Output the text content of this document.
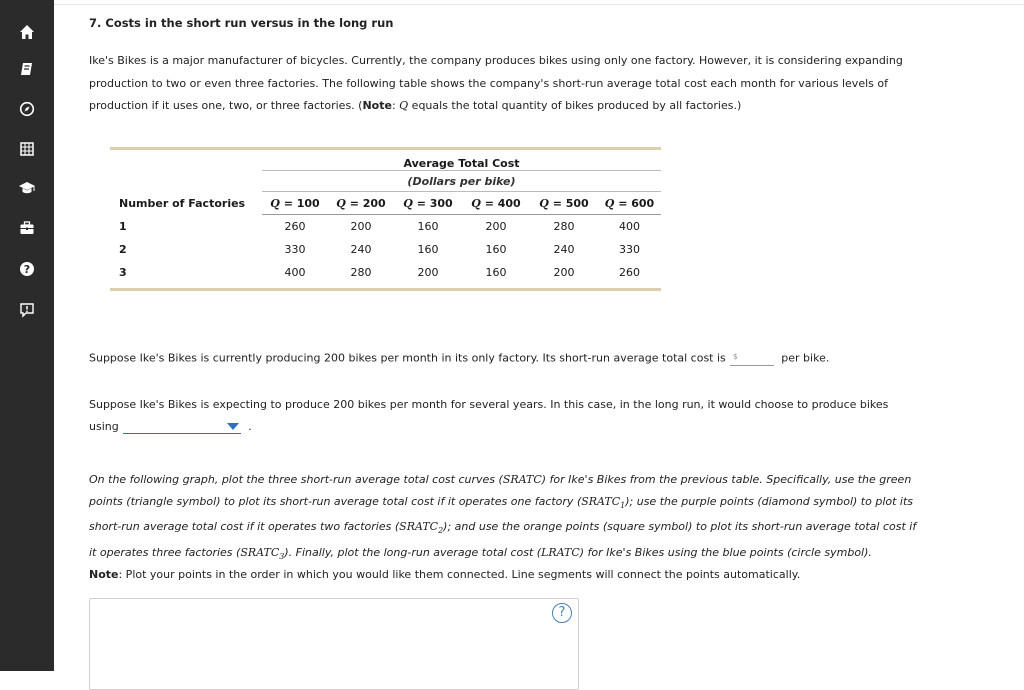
?
7. Costs in the short run versus in the long run
Ike's Bikes is a major manufacturer of bicycles. Currently, the company produces bikes using only one factory. However, it is considering expanding production to two or even three factories. The following table shows the company's short-run average total cost each month for various levels of production if it uses one, two, or three factories. (Note: Q equals the total quantity of bikes produced by all factories.)
	Average Total Cost					
	(Dollars per bike)					
Number of Factories	Q = 100	Q = 200	Q = 300	Q = 400	Q = 500	Q = 600
1	260	200	160	200	280	400
2	330	240	160	160	240	330
3	400	280	200	160	200	260
Suppose Ike's Bikes is currently producing 200 bikes per month in its only factory. Its short-run average total cost is $	per bike.
Suppose Ike's Bikes is expecting to produce 200 bikes per month for several years. In this case, in the long run, it would choose to produce bikes using	.
On the following graph, plot the three short-run average total cost curves (SRATC) for Ike's Bikes from the previous table. Specifically, use the green points (triangle symbol) to plot its short-run average total cost if it operates one factory $(SRATC_1)$; use the purple points (diamond symbol) to plot its short-run average total cost if it operates two factories $(SRATC_2)$; and use the orange points (square symbol) to plot its short-run average total cost if it operates three factories $(SRATC_3)$. Finally, plot the long-run average total cost (LRATC) for Ike's Bikes using the blue points (circle symbol).
Note: Plot your points in the order in which you would like them connected. Line segments will connect the points automatically.
?
